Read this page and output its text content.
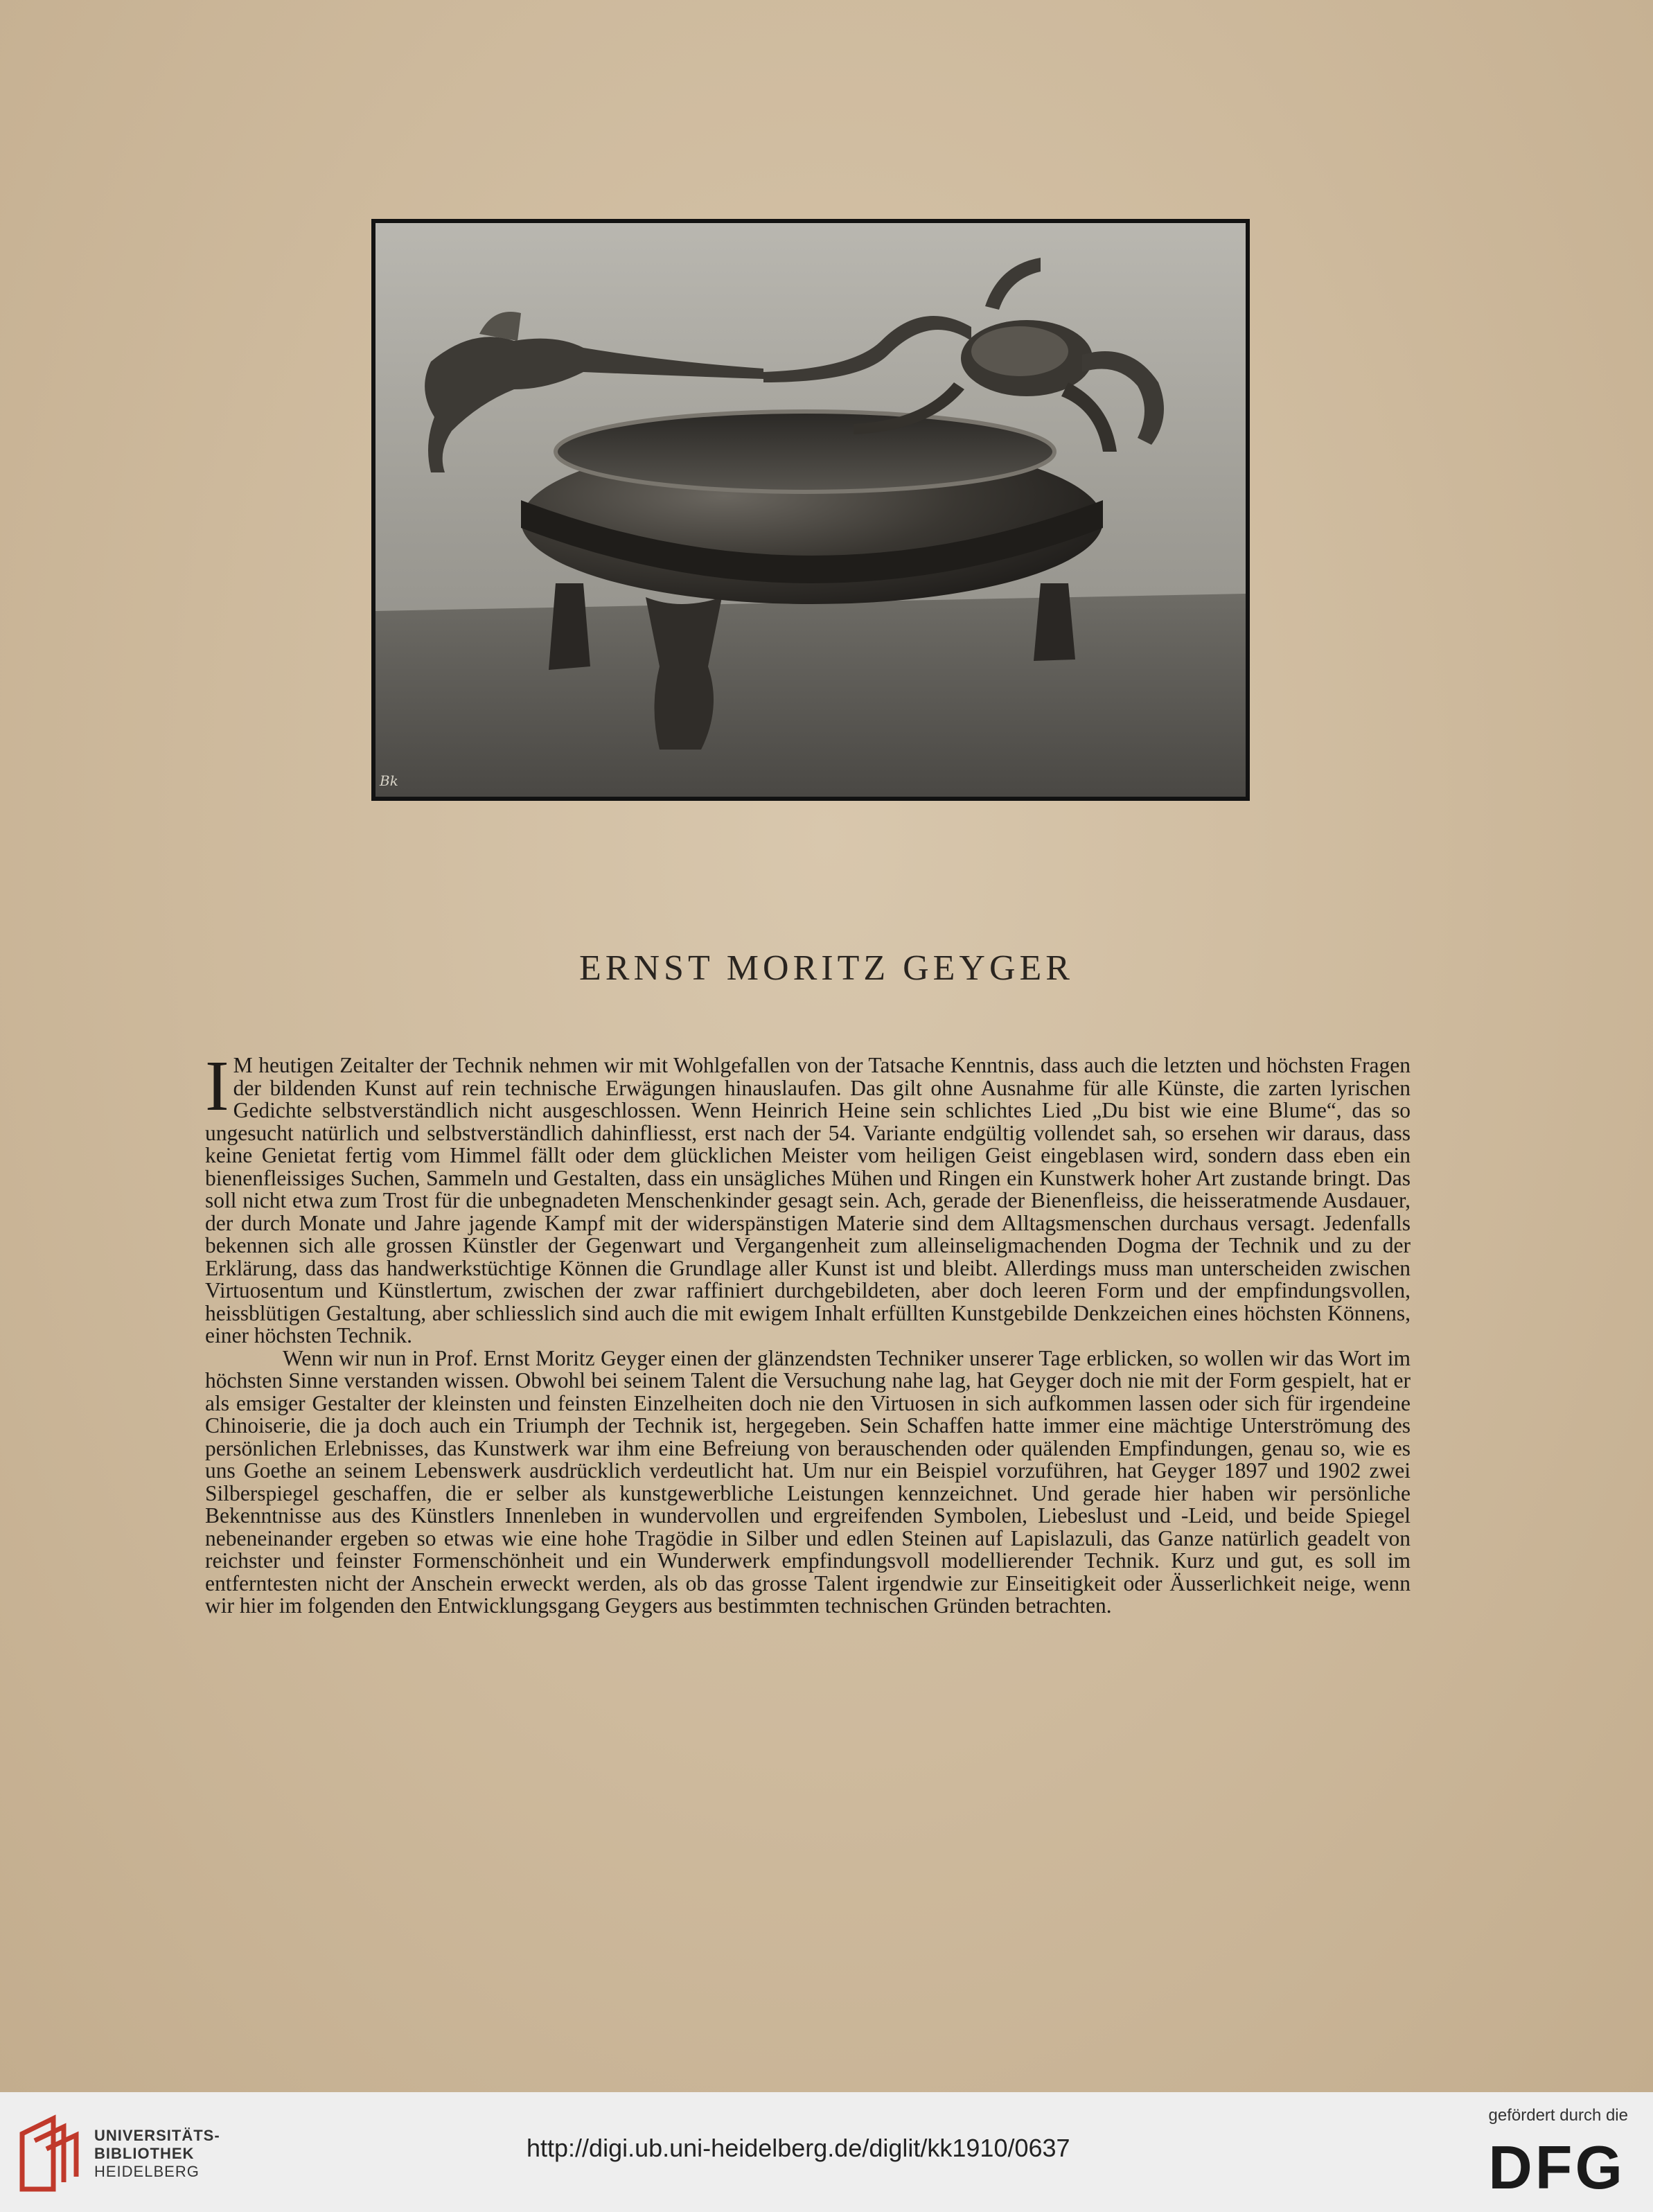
Bk
ERNST MORITZ GEYGER

I M heutigen Zeitalter der Technik nehmen wir mit Wohlgefallen von der Tatsache Kenntnis, dass auch die letzten und höchsten Fragen der bildenden Kunst auf rein technische Erwägungen hinauslaufen. Das gilt ohne Ausnahme für alle Künste, die zarten lyrischen Gedichte selbstverständlich nicht ausgeschlossen. Wenn Heinrich Heine sein schlichtes Lied „Du bist wie eine Blume“, das so ungesucht natürlich und selbstverständlich dahinfliesst, erst nach der 54. Variante endgültig vollendet sah, so ersehen wir daraus, dass keine Genietat fertig vom Himmel fällt oder dem glücklichen Meister vom heiligen Geist eingeblasen wird, sondern dass eben ein bienenfleissiges Suchen, Sammeln und Gestalten, dass ein unsägliches Mühen und Ringen ein Kunstwerk hoher Art zustande bringt. Das soll nicht etwa zum Trost für die unbegnadeten Menschenkinder gesagt sein. Ach, gerade der Bienenfleiss, die heisseratmende Ausdauer, der durch Monate und Jahre jagende Kampf mit der widerspänstigen Materie sind dem Alltagsmenschen durchaus versagt. Jedenfalls bekennen sich alle grossen Künstler der Gegenwart und Vergangenheit zum alleinseligmachenden Dogma der Technik und zu der Erklärung, dass das handwerkstüchtige Können die Grundlage aller Kunst ist und bleibt. Allerdings muss man unterscheiden zwischen Virtuosentum und Künstlertum, zwischen der zwar raffiniert durchgebildeten, aber doch leeren Form und der empfindungsvollen, heissblütigen Gestaltung, aber schliesslich sind auch die mit ewigem Inhalt erfüllten Kunstgebilde Denkzeichen eines höchsten Könnens, einer höchsten Technik.

Wenn wir nun in Prof. Ernst Moritz Geyger einen der glänzendsten Techniker unserer Tage erblicken, so wollen wir das Wort im höchsten Sinne verstanden wissen. Obwohl bei seinem Talent die Versuchung nahe lag, hat Geyger doch nie mit der Form gespielt, hat er als emsiger Gestalter der kleinsten und feinsten Einzelheiten doch nie den Virtuosen in sich aufkommen lassen oder sich für irgendeine Chinoiserie, die ja doch auch ein Triumph der Technik ist, hergegeben. Sein Schaffen hatte immer eine mächtige Unterströmung des persönlichen Erlebnisses, das Kunstwerk war ihm eine Befreiung von berauschenden oder quälenden Empfindungen, genau so, wie es uns Goethe an seinem Lebenswerk ausdrücklich verdeutlicht hat. Um nur ein Beispiel vorzuführen, hat Geyger 1897 und 1902 zwei Silberspiegel geschaffen, die er selber als kunstgewerbliche Leistungen kennzeichnet. Und gerade hier haben wir persönliche Bekenntnisse aus des Künstlers Innenleben in wundervollen und ergreifenden Symbolen, Liebeslust und -Leid, und beide Spiegel nebeneinander ergeben so etwas wie eine hohe Tragödie in Silber und edlen Steinen auf Lapislazuli, das Ganze natürlich geadelt von reichster und feinster Formenschönheit und ein Wunderwerk empfindungsvoll modellierender Technik. Kurz und gut, es soll im entferntesten nicht der Anschein erweckt werden, als ob das grosse Talent irgendwie zur Einseitigkeit oder Äusserlichkeit neige, wenn wir hier im folgenden den Entwicklungsgang Geygers aus bestimmten technischen Gründen betrachten.

UNIVERSITÄTS-
BIBLIOTHEK
HEIDELBERG
http://digi.ub.uni-heidelberg.de/diglit/kk1910/0637
gefördert durch die
DFG
